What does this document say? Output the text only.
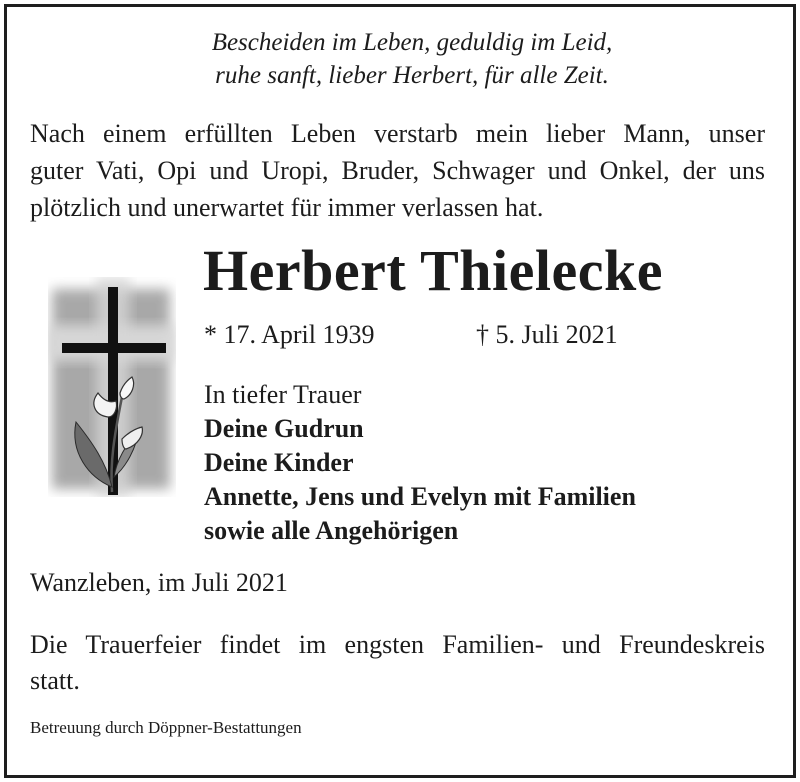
Bescheiden im Leben, geduldig im Leid,
ruhe sanft, lieber Herbert, für alle Zeit.
Nach einem erfüllten Leben verstarb mein lieber Mann, unser
guter Vati, Opi und Uropi, Bruder, Schwager und Onkel, der uns
plötzlich und unerwartet für immer verlassen hat.
Herbert Thielecke
* 17. April 1939	† 5. Juli 2021
In tiefer Trauer
Deine Gudrun
Deine Kinder
Annette, Jens und Evelyn mit Familien
sowie alle Angehörigen
Wanzleben, im Juli 2021
Die Trauerfeier findet im engsten Familien- und Freundeskreis
statt.
Betreuung durch Döppner-Bestattungen
